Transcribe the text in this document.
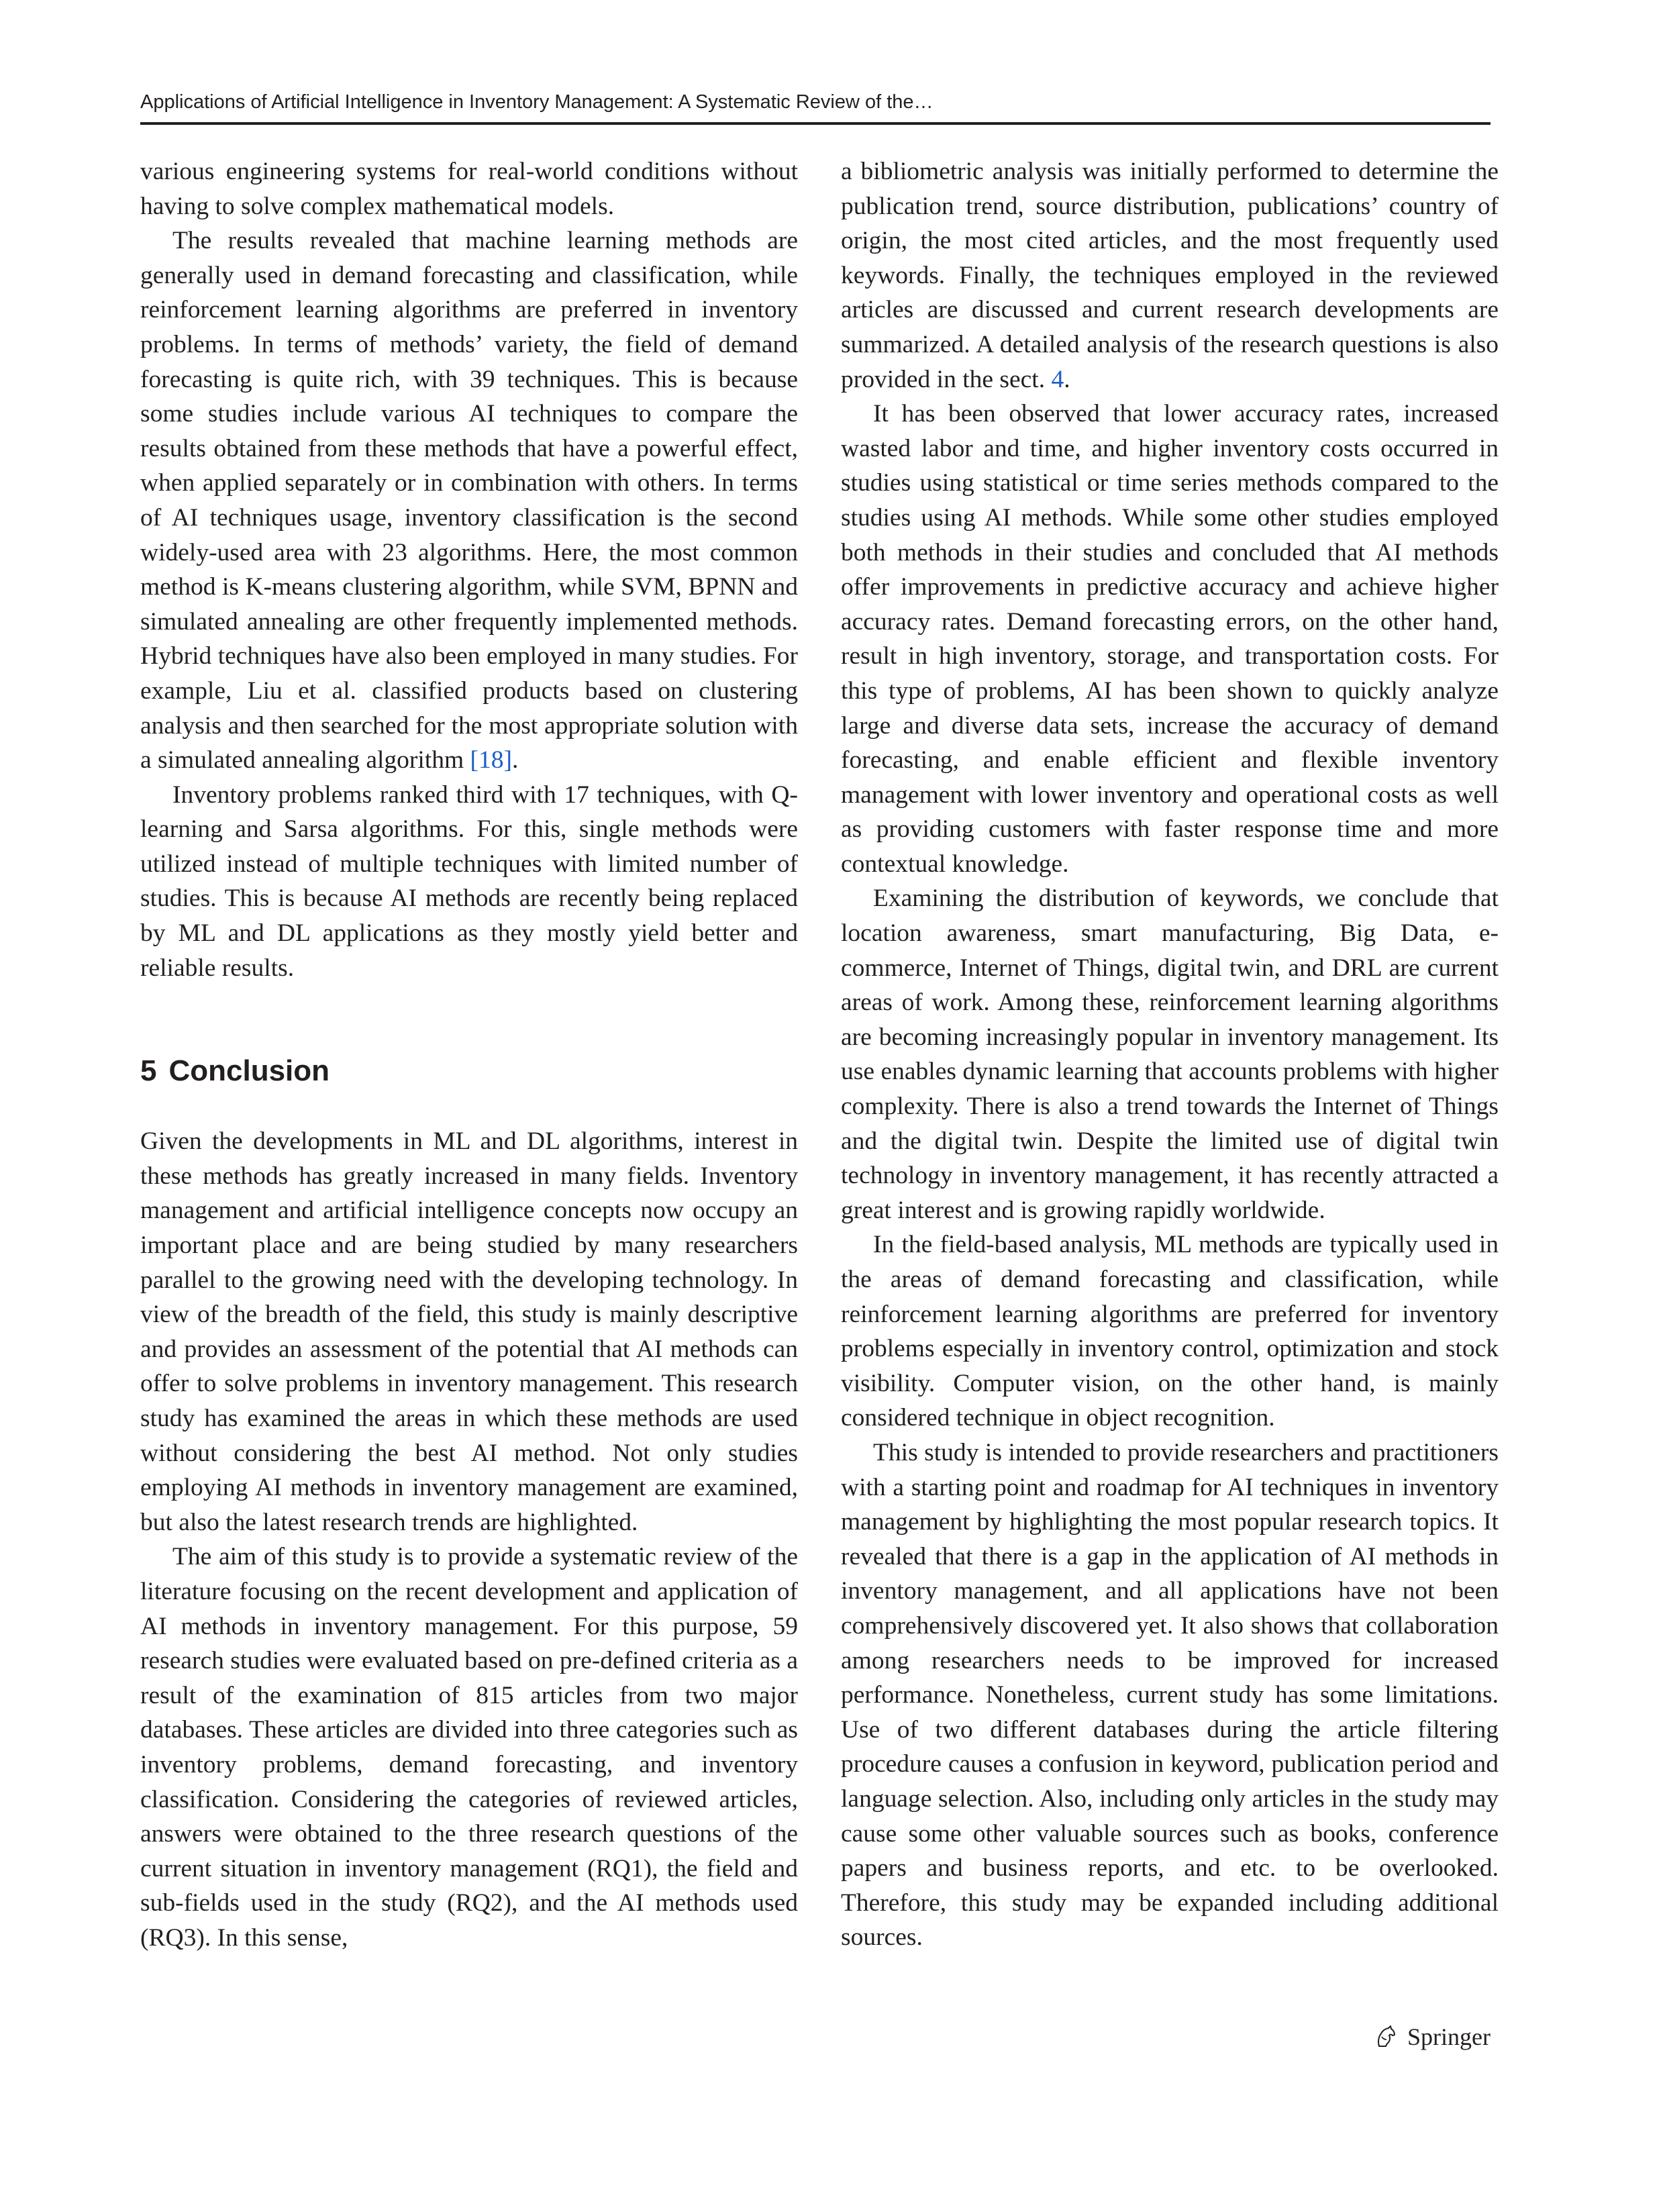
Applications of Artificial Intelligence in Inventory Management: A Systematic Review of the…

various engineering systems for real-world conditions without having to solve complex mathematical models.

The results revealed that machine learning methods are generally used in demand forecasting and classification, while reinforcement learning algorithms are preferred in inventory problems. In terms of methods’ variety, the field of demand forecasting is quite rich, with 39 techniques. This is because some studies include various AI techniques to compare the results obtained from these methods that have a powerful effect, when applied separately or in combination with others. In terms of AI techniques usage, inventory classification is the second widely-used area with 23 algorithms. Here, the most common method is K-means clustering algorithm, while SVM, BPNN and simulated annealing are other frequently implemented methods. Hybrid techniques have also been employed in many studies. For example, Liu et al. classified products based on clustering analysis and then searched for the most appropriate solution with a simulated annealing algorithm [18].

Inventory problems ranked third with 17 techniques, with Q-learning and Sarsa algorithms. For this, single methods were utilized instead of multiple techniques with limited number of studies. This is because AI methods are recently being replaced by ML and DL applications as they mostly yield better and reliable results.

5 Conclusion

Given the developments in ML and DL algorithms, interest in these methods has greatly increased in many fields. Inventory management and artificial intelligence concepts now occupy an important place and are being studied by many researchers parallel to the growing need with the developing technology. In view of the breadth of the field, this study is mainly descriptive and provides an assessment of the potential that AI methods can offer to solve problems in inventory management. This research study has examined the areas in which these methods are used without considering the best AI method. Not only studies employing AI methods in inventory management are examined, but also the latest research trends are highlighted.

The aim of this study is to provide a systematic review of the literature focusing on the recent development and application of AI methods in inventory management. For this purpose, 59 research studies were evaluated based on pre-defined criteria as a result of the examination of 815 articles from two major databases. These articles are divided into three categories such as inventory problems, demand forecasting, and inventory classification. Considering the categories of reviewed articles, answers were obtained to the three research questions of the current situation in inventory management (RQ1), the field and sub-fields used in the study (RQ2), and the AI methods used (RQ3). In this sense,

a bibliometric analysis was initially performed to determine the publication trend, source distribution, publications’ country of origin, the most cited articles, and the most frequently used keywords. Finally, the techniques employed in the reviewed articles are discussed and current research developments are summarized. A detailed analysis of the research questions is also provided in the sect. 4.

It has been observed that lower accuracy rates, increased wasted labor and time, and higher inventory costs occurred in studies using statistical or time series methods compared to the studies using AI methods. While some other studies employed both methods in their studies and concluded that AI methods offer improvements in predictive accuracy and achieve higher accuracy rates. Demand forecasting errors, on the other hand, result in high inventory, storage, and transportation costs. For this type of problems, AI has been shown to quickly analyze large and diverse data sets, increase the accuracy of demand forecasting, and enable efficient and flexible inventory management with lower inventory and operational costs as well as providing customers with faster response time and more contextual knowledge.

Examining the distribution of keywords, we conclude that location awareness, smart manufacturing, Big Data, e-commerce, Internet of Things, digital twin, and DRL are current areas of work. Among these, reinforcement learning algorithms are becoming increasingly popular in inventory management. Its use enables dynamic learning that accounts problems with higher complexity. There is also a trend towards the Internet of Things and the digital twin. Despite the limited use of digital twin technology in inventory management, it has recently attracted a great interest and is growing rapidly worldwide.

In the field-based analysis, ML methods are typically used in the areas of demand forecasting and classification, while reinforcement learning algorithms are preferred for inventory problems especially in inventory control, optimization and stock visibility. Computer vision, on the other hand, is mainly considered technique in object recognition.

This study is intended to provide researchers and practitioners with a starting point and roadmap for AI techniques in inventory management by highlighting the most popular research topics. It revealed that there is a gap in the application of AI methods in inventory management, and all applications have not been comprehensively discovered yet. It also shows that collaboration among researchers needs to be improved for increased performance. Nonetheless, current study has some limitations. Use of two different databases during the article filtering procedure causes a confusion in keyword, publication period and language selection. Also, including only articles in the study may cause some other valuable sources such as books, conference papers and business reports, and etc. to be overlooked. Therefore, this study may be expanded including additional sources.

Springer
